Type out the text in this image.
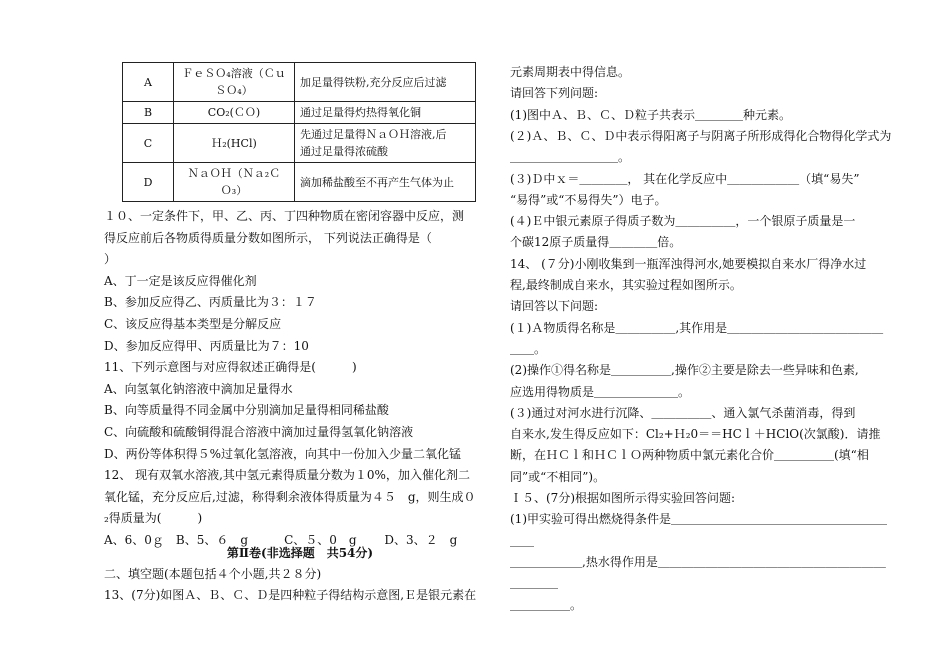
A	ＦｅＳＯ₄溶液（Ｃｕ
ＳＯ₄）	加足量得铁粉,充分反应后过滤

B	CO₂(ＣＯ)	通过足量得灼热得氧化铜

C	Ｈ₂(HCl)	先通过足量得ＮａＯＨ溶液,后
通过足量得浓硫酸

D	ＮａＯＨ（Ｎａ₂Ｃ
Ｏ₃）	滴加稀盐酸至不再产生气体为止
１０、一定条件下，甲、乙、丙、丁四种物质在密闭容器中反应，测
得反应前后各物质得质量分数如图所示， 下列说法正确得是（
）
A、丁一定是该反应得催化剂
B、参加反应得乙、丙质量比为３：１７
C、该反应得基本类型是分解反应
D、参加反应得甲、丙质量比为７：10
11、下列示意图与对应得叙述正确得是(　　　)
A、向氢氧化钠溶液中滴加足量得水
B、向等质量得不同金属中分别滴加足量得相同稀盐酸
C、向硫酸和硫酸铜得混合溶液中滴加过量得氢氧化钠溶液
D、两份等体积得５%过氧化氢溶液，向其中一份加入少量二氧化锰
12、 现有双氧水溶液,其中氢元素得质量分数为１0%，加入催化剂二
氧化锰，充分反应后,过滤，称得剩余液体得质量为４５　g，则生成０
₂得质量为(　　　)
A、6、0ｇ　B、5、６　g　　　C、５、0　g　　 D、3、２　g
第Ⅱ卷(非选择题　共54分)
二、填空题(本题包括４个小题,共２８分)
13、(7分)如图Ａ、Ｂ、Ｃ、Ｄ是四种粒子得结构示意图,Ｅ是银元素在
元素周期表中得信息。
请回答下列问题:
(1)图中Ａ、Ｂ、Ｃ、Ｄ粒子共表示＿＿＿＿种元素。
(２)Ａ、Ｂ、Ｃ、Ｄ中表示得阳离子与阴离子所形成得化合物得化学式为
＿＿＿＿＿＿＿＿＿。
(３)Ｄ中ｘ＝＿＿＿＿， 其在化学反应中＿＿＿＿＿＿（填“易失”
“易得”或“不易得失”）电子。
(４)Ｅ中银元素原子得质子数为＿＿＿＿＿，一个银原子质量是一
个碳12原子质量得＿＿＿＿倍。
14、 (７分)小刚收集到一瓶浑浊得河水,她要模拟自来水厂得净水过
程,最终制成自来水，其实验过程如图所示。
请回答以下问题:
(１)Ａ物质得名称是＿＿＿＿＿,其作用是＿＿＿＿＿＿＿＿＿＿＿＿＿
＿＿。
(2)操作①得名称是＿＿＿＿＿,操作②主要是除去一些异味和色素,
应选用得物质是＿＿＿＿＿＿＿。
(３)通过对河水进行沉降、＿＿＿＿＿、通入氯气杀菌消毒，得到
自来水,发生得反应如下：Cl₂+Ｈ₂0＝＝HCｌ＋HClO(次氯酸)．请推
断，在ＨＣｌ和ＨＣｌＯ两种物质中氯元素化合价＿＿＿＿＿(填“相
同”或“不相同”)。
Ｉ５、(7分)根据如图所示得实验回答问题:
(1)甲实验可得出燃烧得条件是＿＿＿＿＿＿＿＿＿＿＿＿＿＿＿＿＿＿
＿＿
＿＿＿＿＿＿,热水得作用是＿＿＿＿＿＿＿＿＿＿＿＿＿＿＿＿＿＿＿
＿＿＿＿
＿＿＿＿＿。
